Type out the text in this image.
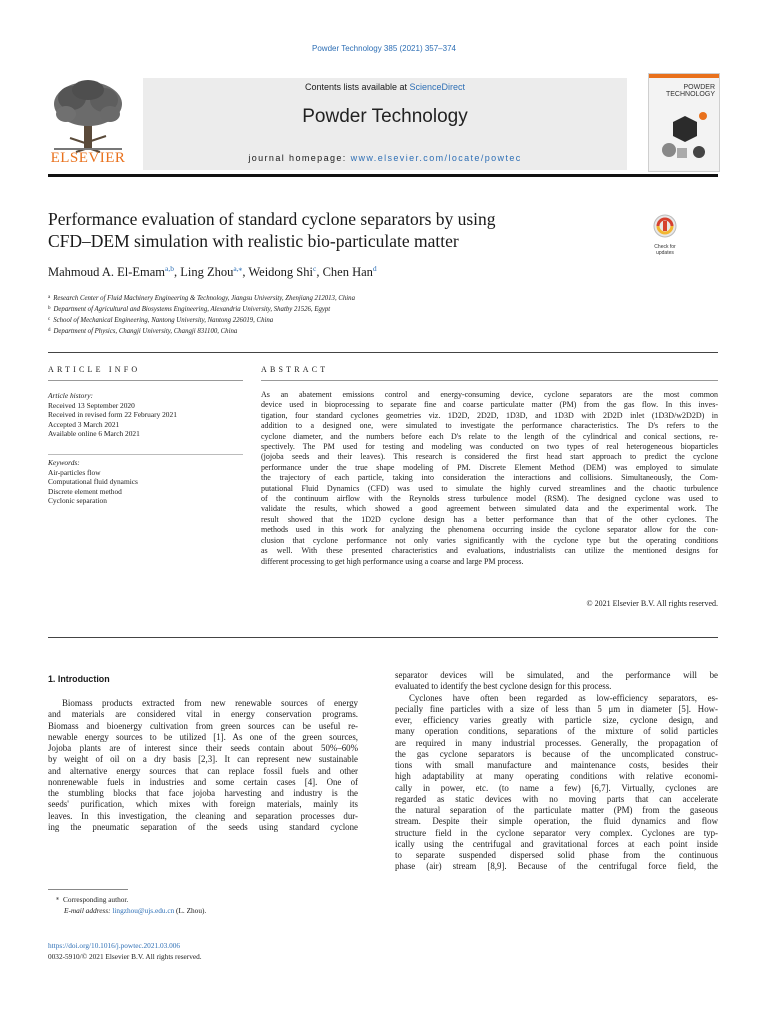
Powder Technology 385 (2021) 357–374
ELSEVIER
Contents lists available at ScienceDirect
Powder Technology
journal homepage: www.elsevier.com/locate/powtec
POWDER
TECHNOLOGY
Performance evaluation of standard cyclone separators by using
CFD–DEM simulation with realistic bio-particulate matter	Check for
updates
Mahmoud A. El-Emam$^{a,b}$, Ling Zhou$^{a,⁎}$, Weidong Shi$^c$, Chen Han$^d$
$^a$ Research Center of Fluid Machinery Engineering & Technology, Jiangsu University, Zhenjiang 212013, China
$^b$ Department of Agricultural and Biosystems Engineering, Alexandria University, Shatby 21526, Egypt
$^c$ School of Mechanical Engineering, Nantong University, Nantong 226019, China
$^d$ Department of Physics, Changji University, Changji 831100, China
ARTICLE INFO
Article history:
Received 13 September 2020
Received in revised form 22 February 2021
Accepted 3 March 2021
Available online 6 March 2021
Keywords:
Air-particles flow
Computational fluid dynamics
Discrete element method
Cyclonic separation
ABSTRACT
As an abatement emissions control and energy-consuming device, cyclone separators are the most common
device used in bioprocessing to separate fine and coarse particulate matter (PM) from the gas flow. In this inves-
tigation, four standard cyclones geometries viz. 1D2D, 2D2D, 1D3D, and 1D3D with 2D2D inlet (1D3D/w2D2D) in
addition to a designed one, were simulated to investigate the performance characteristics. The D's refers to the
cyclone diameter, and the numbers before each D's relate to the length of the cylindrical and conical sections, re-
spectively. The PM used for testing and modeling was conducted on two types of real heterogeneous bioparticles
(jojoba seeds and their leaves). This research is considered the first head start approach to predict the cyclone
performance under the true shape modeling of PM. Discrete Element Method (DEM) was employed to simulate
the trajectory of each particle, taking into consideration the interactions and collisions. Simultaneously, the Com-
putational Fluid Dynamics (CFD) was used to simulate the highly curved streamlines and the chaotic turbulence
of the continuum airflow with the Reynolds stress turbulence model (RSM). The designed cyclone was used to
validate the results, which showed a good agreement between simulated data and the experimental work. The
result showed that the 1D2D cyclone design has a better performance than that of the other cyclones. The
methods used in this work for analyzing the phenomena occurring inside the cyclone separator allow for the con-
clusion that cyclone performance not only varies significantly with the cyclone type but the operating conditions
as well. With these presented characteristics and evaluations, industrialists can utilize the mentioned designs for
different processing to get high performance using a coarse and large PM process.
© 2021 Elsevier B.V. All rights reserved.
1. Introduction
Biomass products extracted from new renewable sources of energy
and materials are considered vital in energy conservation programs.
Biomass and bioenergy cultivation from green sources can be useful re-
newable energy sources to be utilized [1]. As one of the green sources,
Jojoba plants are of interest since their seeds contain about 50%–60%
by weight of oil on a dry basis [2,3]. It can represent new sustainable
and alternative energy sources that can replace fossil fuels and other
nonrenewable fuels in industries and some certain cases [4]. One of
the stumbling blocks that face jojoba harvesting and industry is the
seeds' purification, which mixes with foreign materials, mainly its
leaves. In this investigation, the cleaning and separation processes dur-
ing the pneumatic separation of the seeds using standard cyclone
separator devices will be simulated, and the performance will be
evaluated to identify the best cyclone design for this process.
Cyclones have often been regarded as low-efficiency separators, es-
pecially fine particles with a size of less than 5 μm in diameter [5]. How-
ever, efficiency varies greatly with particle size, cyclone design, and
many operation conditions, separations of the mixture of solid particles
are required in many industrial processes. Generally, the propagation of
the gas cyclone separators is because of the uncomplicated construc-
tions with small manufacture and maintenance costs, besides their
high adaptability at many operating conditions with relative economi-
cally in power, etc. (to name a few) [6,7]. Virtually, cyclones are
regarded as static devices with no moving parts that can accelerate
the natural separation of the particulate matter (PM) from the gaseous
stream. Despite their simple operation, the fluid dynamics and flow
structure field in the cyclone separator very complex. Cyclones are typ-
ically using the centrifugal and gravitational forces at each point inside
to separate suspended dispersed solid phase from the continuous
phase (air) stream [8,9]. Because of the centrifugal force field, the
⁎ Corresponding author.
E-mail address: lingzhou@ujs.edu.cn (L. Zhou).
https://doi.org/10.1016/j.powtec.2021.03.006
0032-5910/© 2021 Elsevier B.V. All rights reserved.
